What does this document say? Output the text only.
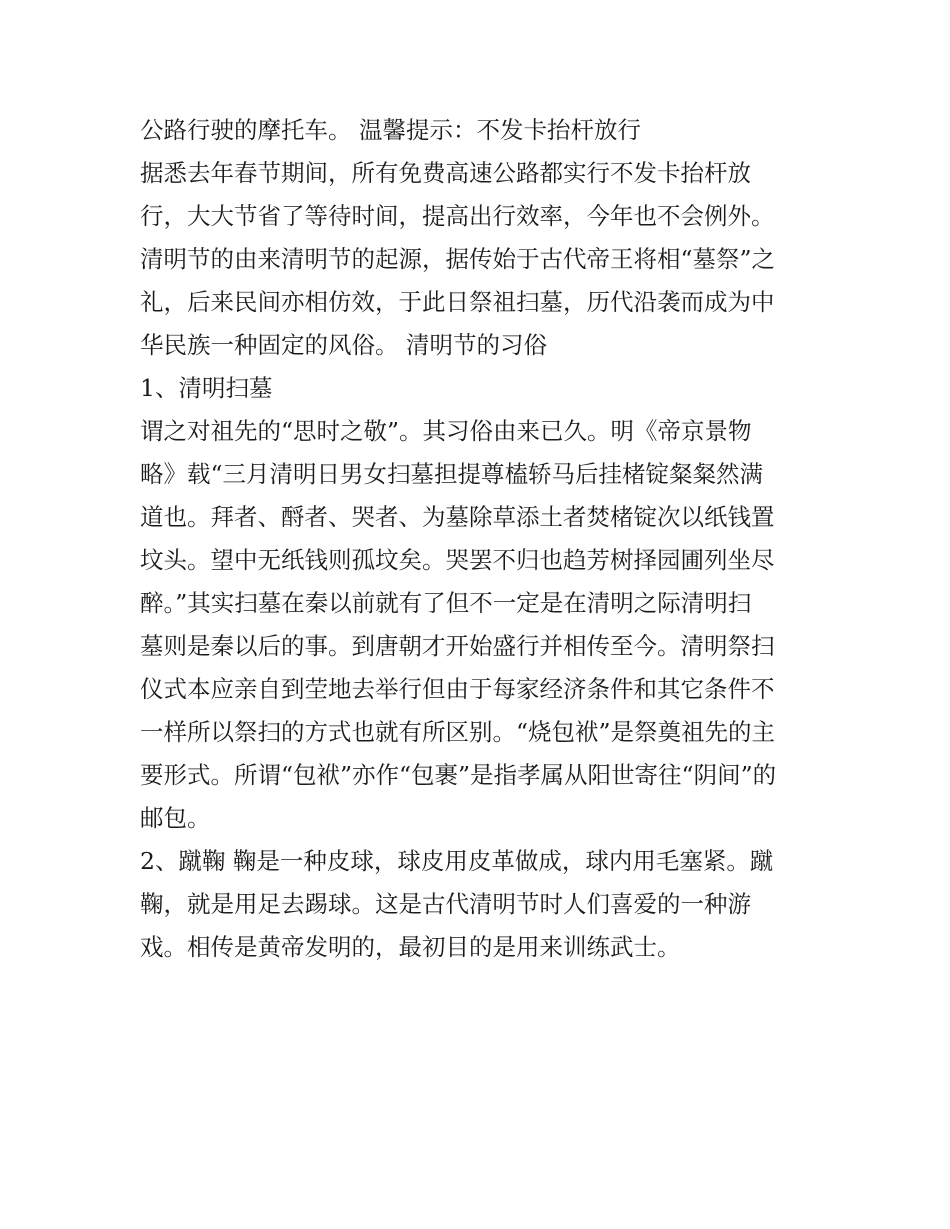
公路行驶的摩托车。 温馨提示：不发卡抬杆放行
据悉去年春节期间，所有免费高速公路都实行不发卡抬杆放
行，大大节省了等待时间，提高出行效率，今年也不会例外。
清明节的由来清明节的起源，据传始于古代帝王将相“墓祭”之
礼，后来民间亦相仿效，于此日祭祖扫墓，历代沿袭而成为中
华民族一种固定的风俗。 清明节的习俗
1、清明扫墓
谓之对祖先的“思时之敬”。其习俗由来已久。明《帝京景物
略》载“三月清明日男女扫墓担提尊榼轿马后挂楮锭粲粲然满
道也。拜者、酹者、哭者、为墓除草添土者焚楮锭次以纸钱置
坟头。望中无纸钱则孤坟矣。哭罢不归也趋芳树择园圃列坐尽
醉。”其实扫墓在秦以前就有了但不一定是在清明之际清明扫
墓则是秦以后的事。到唐朝才开始盛行并相传至今。清明祭扫
仪式本应亲自到茔地去举行但由于每家经济条件和其它条件不
一样所以祭扫的方式也就有所区别。“烧包袱”是祭奠祖先的主
要形式。所谓“包袱”亦作“包裹”是指孝属从阳世寄往“阴间”的
邮包。
2、蹴鞠 鞠是一种皮球，球皮用皮革做成，球内用毛塞紧。蹴
鞠，就是用足去踢球。这是古代清明节时人们喜爱的一种游
戏。相传是黄帝发明的，最初目的是用来训练武士。
